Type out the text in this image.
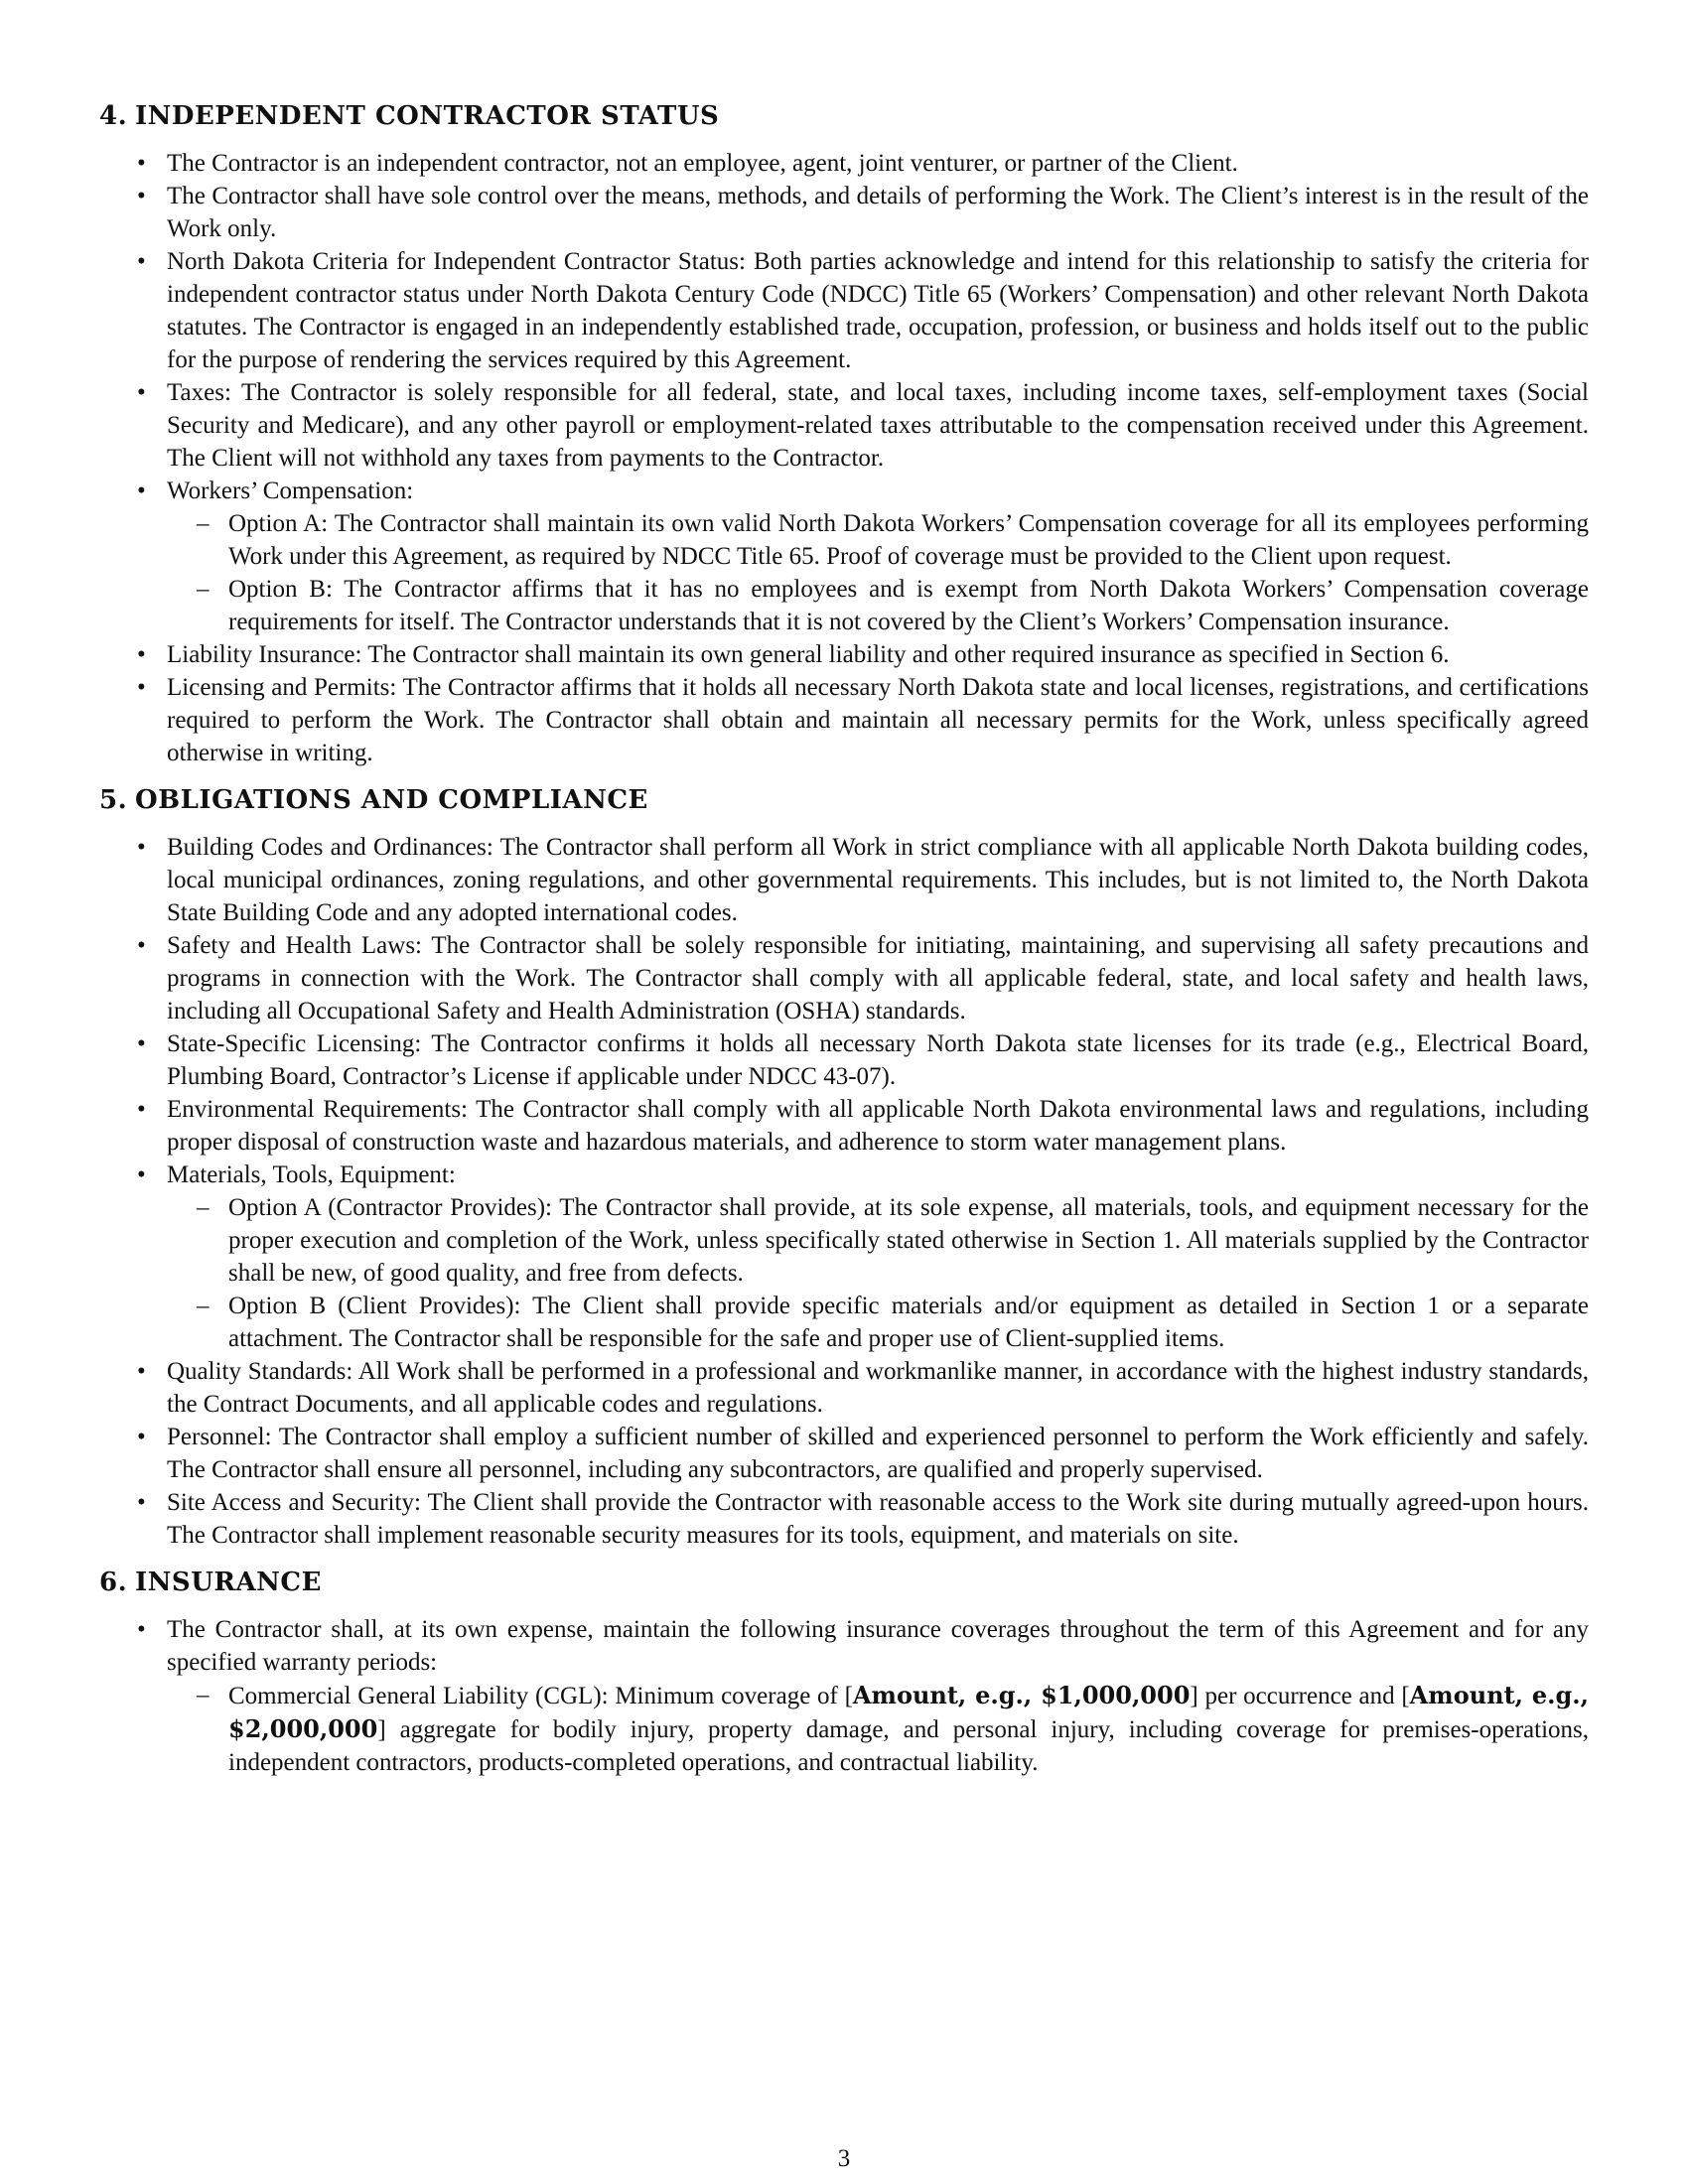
4. INDEPENDENT CONTRACTOR STATUS
• The Contractor is an independent contractor, not an employee, agent, joint venturer, or partner of the Client.
• The Contractor shall have sole control over the means, methods, and details of performing the Work. The Client’s interest is in the result of the Work only.
• North Dakota Criteria for Independent Contractor Status: Both parties acknowledge and intend for this relationship to satisfy the criteria for independent contractor status under North Dakota Century Code (NDCC) Title 65 (Workers’ Compensation) and other relevant North Dakota statutes. The Contractor is engaged in an independently established trade, occupation, profession, or business and holds itself out to the public for the purpose of rendering the services required by this Agreement.
• Taxes: The Contractor is solely responsible for all federal, state, and local taxes, including income taxes, self-employment taxes (Social Security and Medicare), and any other payroll or employment-related taxes attributable to the compensation received under this Agreement. The Client will not withhold any taxes from payments to the Contractor.
• Workers’ Compensation:
– Option A: The Contractor shall maintain its own valid North Dakota Workers’ Compensation coverage for all its employees performing Work under this Agreement, as required by NDCC Title 65. Proof of coverage must be provided to the Client upon request.
– Option B: The Contractor affirms that it has no employees and is exempt from North Dakota Workers’ Compensation coverage requirements for itself. The Contractor understands that it is not covered by the Client’s Workers’ Compensation insurance.
• Liability Insurance: The Contractor shall maintain its own general liability and other required insurance as specified in Section 6.
• Licensing and Permits: The Contractor affirms that it holds all necessary North Dakota state and local licenses, registrations, and certifications required to perform the Work. The Contractor shall obtain and maintain all necessary permits for the Work, unless specifically agreed otherwise in writing.
5. OBLIGATIONS AND COMPLIANCE
• Building Codes and Ordinances: The Contractor shall perform all Work in strict compliance with all applicable North Dakota building codes, local municipal ordinances, zoning regulations, and other governmental requirements. This includes, but is not limited to, the North Dakota State Building Code and any adopted international codes.
• Safety and Health Laws: The Contractor shall be solely responsible for initiating, maintaining, and supervising all safety precautions and programs in connection with the Work. The Contractor shall comply with all applicable federal, state, and local safety and health laws, including all Occupational Safety and Health Administration (OSHA) standards.
• State-Specific Licensing: The Contractor confirms it holds all necessary North Dakota state licenses for its trade (e.g., Electrical Board, Plumbing Board, Contractor’s License if applicable under NDCC 43-07).
• Environmental Requirements: The Contractor shall comply with all applicable North Dakota environmental laws and regulations, including proper disposal of construction waste and hazardous materials, and adherence to storm water management plans.
• Materials, Tools, Equipment:
– Option A (Contractor Provides): The Contractor shall provide, at its sole expense, all materials, tools, and equipment necessary for the proper execution and completion of the Work, unless specifically stated otherwise in Section 1. All materials supplied by the Contractor shall be new, of good quality, and free from defects.
– Option B (Client Provides): The Client shall provide specific materials and/or equipment as detailed in Section 1 or a separate attachment. The Contractor shall be responsible for the safe and proper use of Client-supplied items.
• Quality Standards: All Work shall be performed in a professional and workmanlike manner, in accordance with the highest industry standards, the Contract Documents, and all applicable codes and regulations.
• Personnel: The Contractor shall employ a sufficient number of skilled and experienced personnel to perform the Work efficiently and safely. The Contractor shall ensure all personnel, including any subcontractors, are qualified and properly supervised.
• Site Access and Security: The Client shall provide the Contractor with reasonable access to the Work site during mutually agreed-upon hours. The Contractor shall implement reasonable security measures for its tools, equipment, and materials on site.
6. INSURANCE
• The Contractor shall, at its own expense, maintain the following insurance coverages throughout the term of this Agreement and for any specified warranty periods:
– Commercial General Liability (CGL): Minimum coverage of [Amount, e.g., $1,000,000] per occurrence and [Amount, e.g., $2,000,000] aggregate for bodily injury, property damage, and personal injury, including coverage for premises-operations, independent contractors, products-completed operations, and contractual liability.
3
